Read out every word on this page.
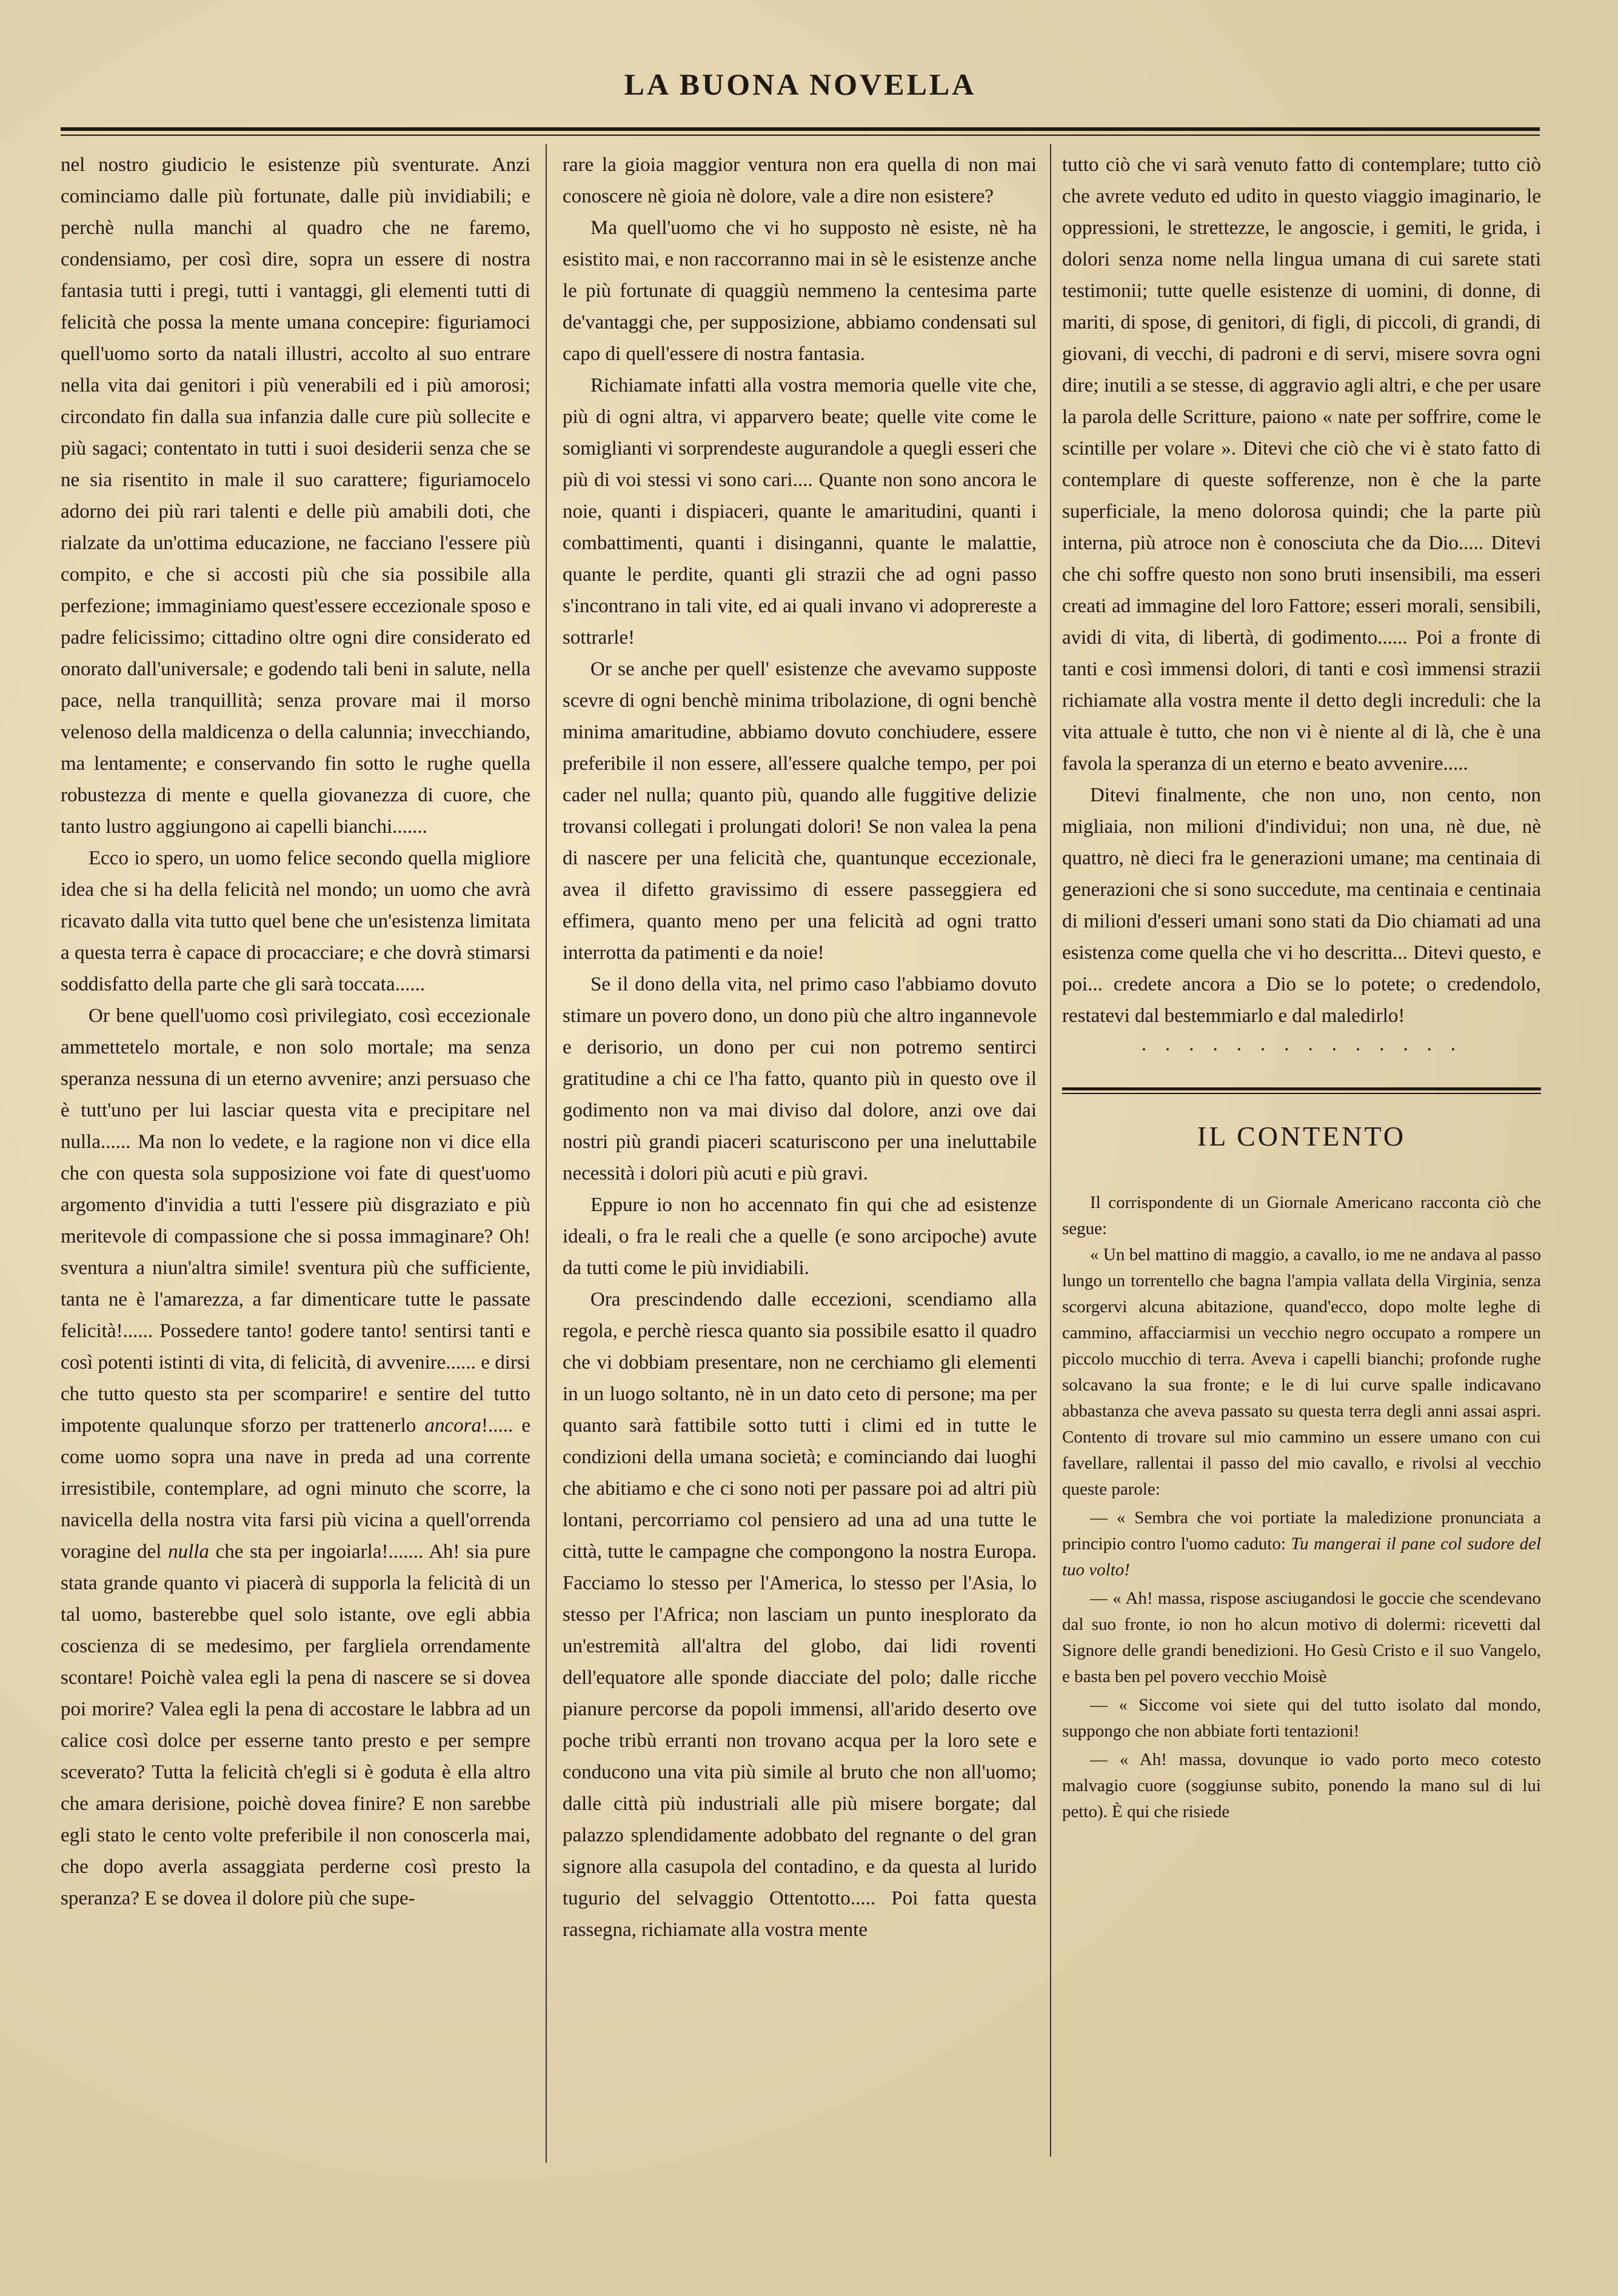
LA BUONA NOVELLA

nel nostro giudicio le esistenze più sventurate. Anzi cominciamo dalle più fortunate, dalle più invidiabili; e perchè nulla manchi al quadro che ne faremo, condensiamo, per così dire, sopra un essere di nostra fantasia tutti i pregi, tutti i vantaggi, gli elementi tutti di felicità che possa la mente umana concepire: figuriamoci quell'uomo sorto da natali illustri, accolto al suo entrare nella vita dai genitori i più venerabili ed i più amorosi; circondato fin dalla sua infanzia dalle cure più sollecite e più sagaci; contentato in tutti i suoi desiderii senza che se ne sia risentito in male il suo carattere; figuriamocelo adorno dei più rari talenti e delle più amabili doti, che rialzate da un'ottima educazione, ne facciano l'essere più compito, e che si accosti più che sia possibile alla perfezione; immaginiamo quest'essere eccezionale sposo e padre felicissimo; cittadino oltre ogni dire considerato ed onorato dall'universale; e godendo tali beni in salute, nella pace, nella tranquillità; senza provare mai il morso velenoso della maldicenza o della calunnia; invecchiando, ma lentamente; e conservando fin sotto le rughe quella robustezza di mente e quella giovanezza di cuore, che tanto lustro aggiungono ai capelli bianchi.......

Ecco io spero, un uomo felice secondo quella migliore idea che si ha della felicità nel mondo; un uomo che avrà ricavato dalla vita tutto quel bene che un'esistenza limitata a questa terra è capace di procacciare; e che dovrà stimarsi soddisfatto della parte che gli sarà toccata......

Or bene quell'uomo così privilegiato, così eccezionale ammettetelo mortale, e non solo mortale; ma senza speranza nessuna di un eterno avvenire; anzi persuaso che è tutt'uno per lui lasciar questa vita e precipitare nel nulla...... Ma non lo vedete, e la ragione non vi dice ella che con questa sola supposizione voi fate di quest'uomo argomento d'invidia a tutti l'essere più disgraziato e più meritevole di compassione che si possa immaginare? Oh! sventura a niun'altra simile! sventura più che sufficiente, tanta ne è l'amarezza, a far dimenticare tutte le passate felicità!...... Possedere tanto! godere tanto! sentirsi tanti e così potenti istinti di vita, di felicità, di avvenire...... e dirsi che tutto questo sta per scomparire! e sentire del tutto impotente qualunque sforzo per trattenerlo ancora!..... e come uomo sopra una nave in preda ad una corrente irresistibile, contemplare, ad ogni minuto che scorre, la navicella della nostra vita farsi più vicina a quell'orrenda voragine del nulla che sta per ingoiarla!....... Ah! sia pure stata grande quanto vi piacerà di supporla la felicità di un tal uomo, basterebbe quel solo istante, ove egli abbia coscienza di se medesimo, per fargliela orrendamente scontare! Poichè valea egli la pena di nascere se si dovea poi morire? Valea egli la pena di accostare le labbra ad un calice così dolce per esserne tanto presto e per sempre sceverato? Tutta la felicità ch'egli si è goduta è ella altro che amara derisione, poichè dovea finire? E non sarebbe egli stato le cento volte preferibile il non conoscerla mai, che dopo averla assaggiata perderne così presto la speranza? E se dovea il dolore più che supe-

rare la gioia maggior ventura non era quella di non mai conoscere nè gioia nè dolore, vale a dire non esistere?

Ma quell'uomo che vi ho supposto nè esiste, nè ha esistito mai, e non raccorranno mai in sè le esistenze anche le più fortunate di quaggiù nemmeno la centesima parte de'vantaggi che, per supposizione, abbiamo condensati sul capo di quell'essere di nostra fantasia.

Richiamate infatti alla vostra memoria quelle vite che, più di ogni altra, vi apparvero beate; quelle vite come le somiglianti vi sorprendeste augurandole a quegli esseri che più di voi stessi vi sono cari.... Quante non sono ancora le noie, quanti i dispiaceri, quante le amaritudini, quanti i combattimenti, quanti i disinganni, quante le malattie, quante le perdite, quanti gli strazii che ad ogni passo s'incontrano in tali vite, ed ai quali invano vi adoprereste a sottrarle!

Or se anche per quell' esistenze che avevamo supposte scevre di ogni benchè minima tribolazione, di ogni benchè minima amaritudine, abbiamo dovuto conchiudere, essere preferibile il non essere, all'essere qualche tempo, per poi cader nel nulla; quanto più, quando alle fuggitive delizie trovansi collegati i prolungati dolori! Se non valea la pena di nascere per una felicità che, quantunque eccezionale, avea il difetto gravissimo di essere passeggiera ed effimera, quanto meno per una felicità ad ogni tratto interrotta da patimenti e da noie!

Se il dono della vita, nel primo caso l'abbiamo dovuto stimare un povero dono, un dono più che altro ingannevole e derisorio, un dono per cui non potremo sentirci gratitudine a chi ce l'ha fatto, quanto più in questo ove il godimento non va mai diviso dal dolore, anzi ove dai nostri più grandi piaceri scaturiscono per una ineluttabile necessità i dolori più acuti e più gravi.

Eppure io non ho accennato fin qui che ad esistenze ideali, o fra le reali che a quelle (e sono arcipoche) avute da tutti come le più invidiabili.

Ora prescindendo dalle eccezioni, scendiamo alla regola, e perchè riesca quanto sia possibile esatto il quadro che vi dobbiam presentare, non ne cerchiamo gli elementi in un luogo soltanto, nè in un dato ceto di persone; ma per quanto sarà fattibile sotto tutti i climi ed in tutte le condizioni della umana società; e cominciando dai luoghi che abitiamo e che ci sono noti per passare poi ad altri più lontani, percorriamo col pensiero ad una ad una tutte le città, tutte le campagne che compongono la nostra Europa. Facciamo lo stesso per l'America, lo stesso per l'Asia, lo stesso per l'Africa; non lasciam un punto inesplorato da un'estremità all'altra del globo, dai lidi roventi dell'equatore alle sponde diacciate del polo; dalle ricche pianure percorse da popoli immensi, all'arido deserto ove poche tribù erranti non trovano acqua per la loro sete e conducono una vita più simile al bruto che non all'uomo; dalle città più industriali alle più misere borgate; dal palazzo splendidamente adobbato del regnante o del gran signore alla casupola del contadino, e da questa al lurido tugurio del selvaggio Ottentotto..... Poi fatta questa rassegna, richiamate alla vostra mente

tutto ciò che vi sarà venuto fatto di contemplare; tutto ciò che avrete veduto ed udito in questo viaggio imaginario, le oppressioni, le strettezze, le angoscie, i gemiti, le grida, i dolori senza nome nella lingua umana di cui sarete stati testimonii; tutte quelle esistenze di uomini, di donne, di mariti, di spose, di genitori, di figli, di piccoli, di grandi, di giovani, di vecchi, di padroni e di servi, misere sovra ogni dire; inutili a se stesse, di aggravio agli altri, e che per usare la parola delle Scritture, paiono « nate per soffrire, come le scintille per volare ». Ditevi che ciò che vi è stato fatto di contemplare di queste sofferenze, non è che la parte superficiale, la meno dolorosa quindi; che la parte più interna, più atroce non è conosciuta che da Dio..... Ditevi che chi soffre questo non sono bruti insensibili, ma esseri creati ad immagine del loro Fattore; esseri morali, sensibili, avidi di vita, di libertà, di godimento...... Poi a fronte di tanti e così immensi dolori, di tanti e così immensi strazii richiamate alla vostra mente il detto degli increduli: che la vita attuale è tutto, che non vi è niente al di là, che è una favola la speranza di un eterno e beato avvenire.....

Ditevi finalmente, che non uno, non cento, non migliaia, non milioni d'individui; non una, nè due, nè quattro, nè dieci fra le generazioni umane; ma centinaia di generazioni che si sono succedute, ma centinaia e centinaia di milioni d'esseri umani sono stati da Dio chiamati ad una esistenza come quella che vi ho descritta... Ditevi questo, e poi... credete ancora a Dio se lo potete; o credendolo, restatevi dal bestemmiarlo e dal maledirlo!

· · · · · · · · · · · · · ·
IL CONTENTO

Il corrispondente di un Giornale Americano racconta ciò che segue:

« Un bel mattino di maggio, a cavallo, io me ne andava al passo lungo un torrentello che bagna l'ampia vallata della Virginia, senza scorgervi alcuna abitazione, quand'ecco, dopo molte leghe di cammino, affacciarmisi un vecchio negro occupato a rompere un piccolo mucchio di terra. Aveva i capelli bianchi; profonde rughe solcavano la sua fronte; e le di lui curve spalle indicavano abbastanza che aveva passato su questa terra degli anni assai aspri. Contento di trovare sul mio cammino un essere umano con cui favellare, rallentai il passo del mio cavallo, e rivolsi al vecchio queste parole:

— « Sembra che voi portiate la maledizione pronunciata a principio contro l'uomo caduto: Tu mangerai il pane col sudore del tuo volto!

— « Ah! massa, rispose asciugandosi le goccie che scendevano dal suo fronte, io non ho alcun motivo di dolermi: ricevetti dal Signore delle grandi benedizioni. Ho Gesù Cristo e il suo Vangelo, e basta ben pel povero vecchio Moisè

— « Siccome voi siete qui del tutto isolato dal mondo, suppongo che non abbiate forti tentazioni!

— « Ah! massa, dovunque io vado porto meco cotesto malvagio cuore (soggiunse subito, ponendo la mano sul di lui petto). È qui che risiede
